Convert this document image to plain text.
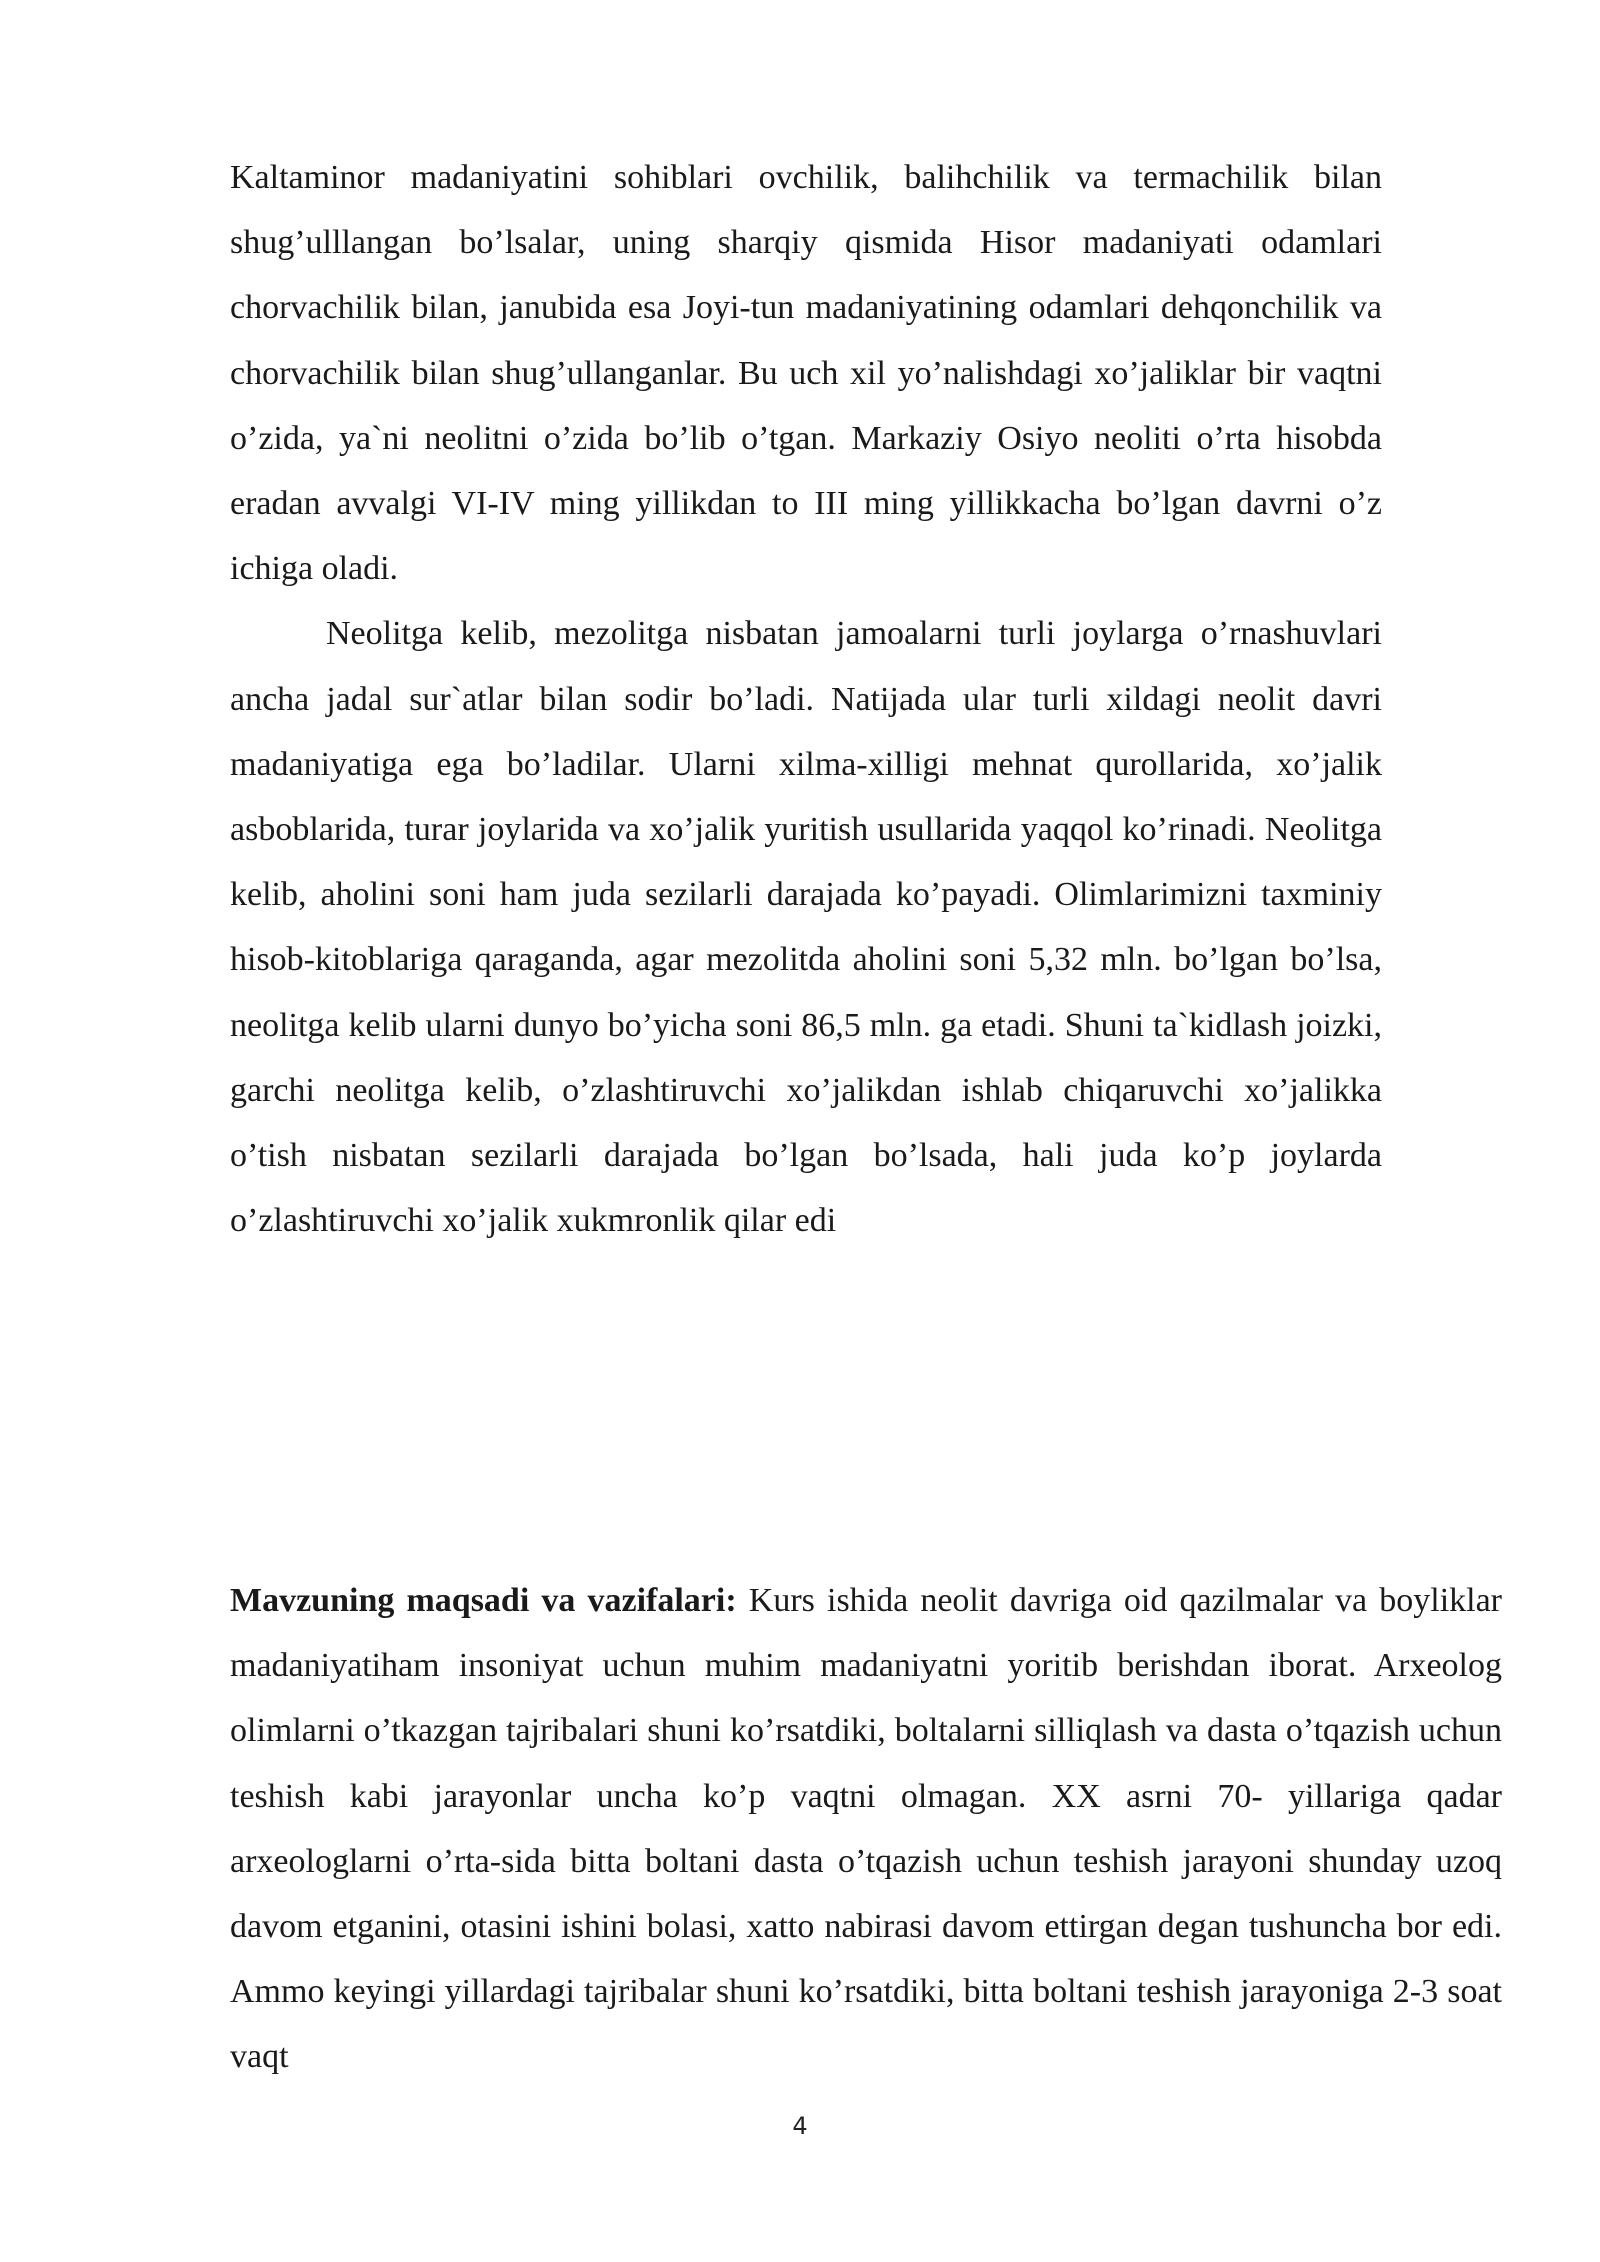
Kaltaminor madaniyatini sohiblari ovchilik, balihchilik va termachilik bilan shug’ulllangan bo’lsalar, uning sharqiy qismida Hisor madaniyati odamlari chorvachilik bilan, janubida esa Joyi-tun madaniyatining odamlari dehqonchilik va chorvachilik bilan shug’ullanganlar. Bu uch xil yo’nalishdagi xo’jaliklar bir vaqtni o’zida, ya`ni neolitni o’zida bo’lib o’tgan. Markaziy Osiyo neoliti o’rta hisobda eradan avvalgi VI-IV ming yillikdan to III ming yillikkacha bo’lgan davrni o’z ichiga oladi.

Neolitga kelib, mezolitga nisbatan jamoalarni turli joylarga o’rnashuvlari ancha jadal sur`atlar bilan sodir bo’ladi. Natijada ular turli xildagi neolit davri madaniyatiga ega bo’ladilar. Ularni xilma-xilligi mehnat qurollarida, xo’jalik asboblarida, turar joylarida va xo’jalik yuritish usullarida yaqqol ko’rinadi. Neolitga kelib, aholini soni ham juda sezilarli darajada ko’payadi. Olimlarimizni taxminiy hisob-kitoblariga qaraganda, agar mezolitda aholini soni 5,32 mln. bo’lgan bo’lsa, neolitga kelib ularni dunyo bo’yicha soni 86,5 mln. ga etadi. Shuni ta`kidlash joizki, garchi neolitga kelib, o’zlashtiruvchi xo’jalikdan ishlab chiqaruvchi xo’jalikka o’tish nisbatan sezilarli darajada bo’lgan bo’lsada, hali juda ko’p joylarda o’zlashtiruvchi xo’jalik xukmronlik qilar edi

Mavzuning maqsadi va vazifalari: Kurs ishida neolit davriga oid qazilmalar va boyliklar madaniyatiham insoniyat uchun muhim madaniyatni yoritib berishdan iborat. Arxeolog olimlarni o’tkazgan tajribalari shuni ko’rsatdiki, boltalarni silliqlash va dasta o’tqazish uchun teshish kabi jarayonlar uncha ko’p vaqtni olmagan. XX asrni 70- yillariga qadar arxeologlarni o’rta-sida bitta boltani dasta o’tqazish uchun teshish jarayoni shunday uzoq davom etganini, otasini ishini bolasi, xatto nabirasi davom ettirgan degan tushuncha bor edi. Ammo keyingi yillardagi tajribalar shuni ko’rsatdiki, bitta boltani teshish jarayoniga 2-3 soat vaqt

4
